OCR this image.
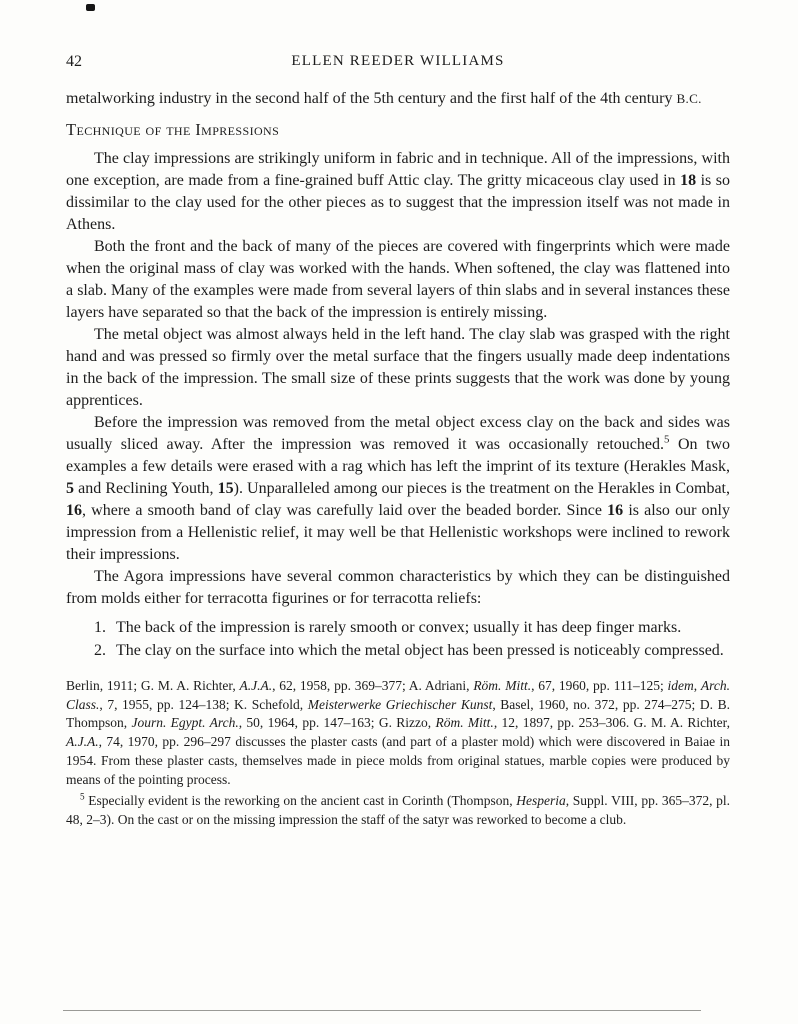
42	ELLEN REEDER WILLIAMS

metalworking industry in the second half of the 5th century and the first half of the 4th century B.C.

Technique of the Impressions

The clay impressions are strikingly uniform in fabric and in technique. All of the impressions, with one exception, are made from a fine-grained buff Attic clay. The gritty micaceous clay used in 18 is so dissimilar to the clay used for the other pieces as to suggest that the impression itself was not made in Athens.

Both the front and the back of many of the pieces are covered with fingerprints which were made when the original mass of clay was worked with the hands. When softened, the clay was flattened into a slab. Many of the examples were made from several layers of thin slabs and in several instances these layers have separated so that the back of the impression is entirely missing.

The metal object was almost always held in the left hand. The clay slab was grasped with the right hand and was pressed so firmly over the metal surface that the fingers usually made deep indentations in the back of the impression. The small size of these prints suggests that the work was done by young apprentices.

Before the impression was removed from the metal object excess clay on the back and sides was usually sliced away. After the impression was removed it was occasionally retouched.$^5$ On two examples a few details were erased with a rag which has left the imprint of its texture (Herakles Mask, 5 and Reclining Youth, 15). Unparalleled among our pieces is the treatment on the Herakles in Combat, 16, where a smooth band of clay was carefully laid over the beaded border. Since 16 is also our only impression from a Hellenistic relief, it may well be that Hellenistic workshops were inclined to rework their impressions.

The Agora impressions have several common characteristics by which they can be distinguished from molds either for terracotta figurines or for terracotta reliefs:

1. The back of the impression is rarely smooth or convex; usually it has deep finger marks.
2. The clay on the surface into which the metal object has been pressed is noticeably compressed.

Berlin, 1911; G. M. A. Richter, A.J.A., 62, 1958, pp. 369–377; A. Adriani, Röm. Mitt., 67, 1960, pp. 111–125; idem, Arch. Class., 7, 1955, pp. 124–138; K. Schefold, Meisterwerke Griechischer Kunst, Basel, 1960, no. 372, pp. 274–275; D. B. Thompson, Journ. Egypt. Arch., 50, 1964, pp. 147–163; G. Rizzo, Röm. Mitt., 12, 1897, pp. 253–306. G. M. A. Richter, A.J.A., 74, 1970, pp. 296–297 discusses the plaster casts (and part of a plaster mold) which were discovered in Baiae in 1954. From these plaster casts, themselves made in piece molds from original statues, marble copies were produced by means of the pointing process.

$^5$ Especially evident is the reworking on the ancient cast in Corinth (Thompson, Hesperia, Suppl. VIII, pp. 365–372, pl. 48, 2–3). On the cast or on the missing impression the staff of the satyr was reworked to become a club.
